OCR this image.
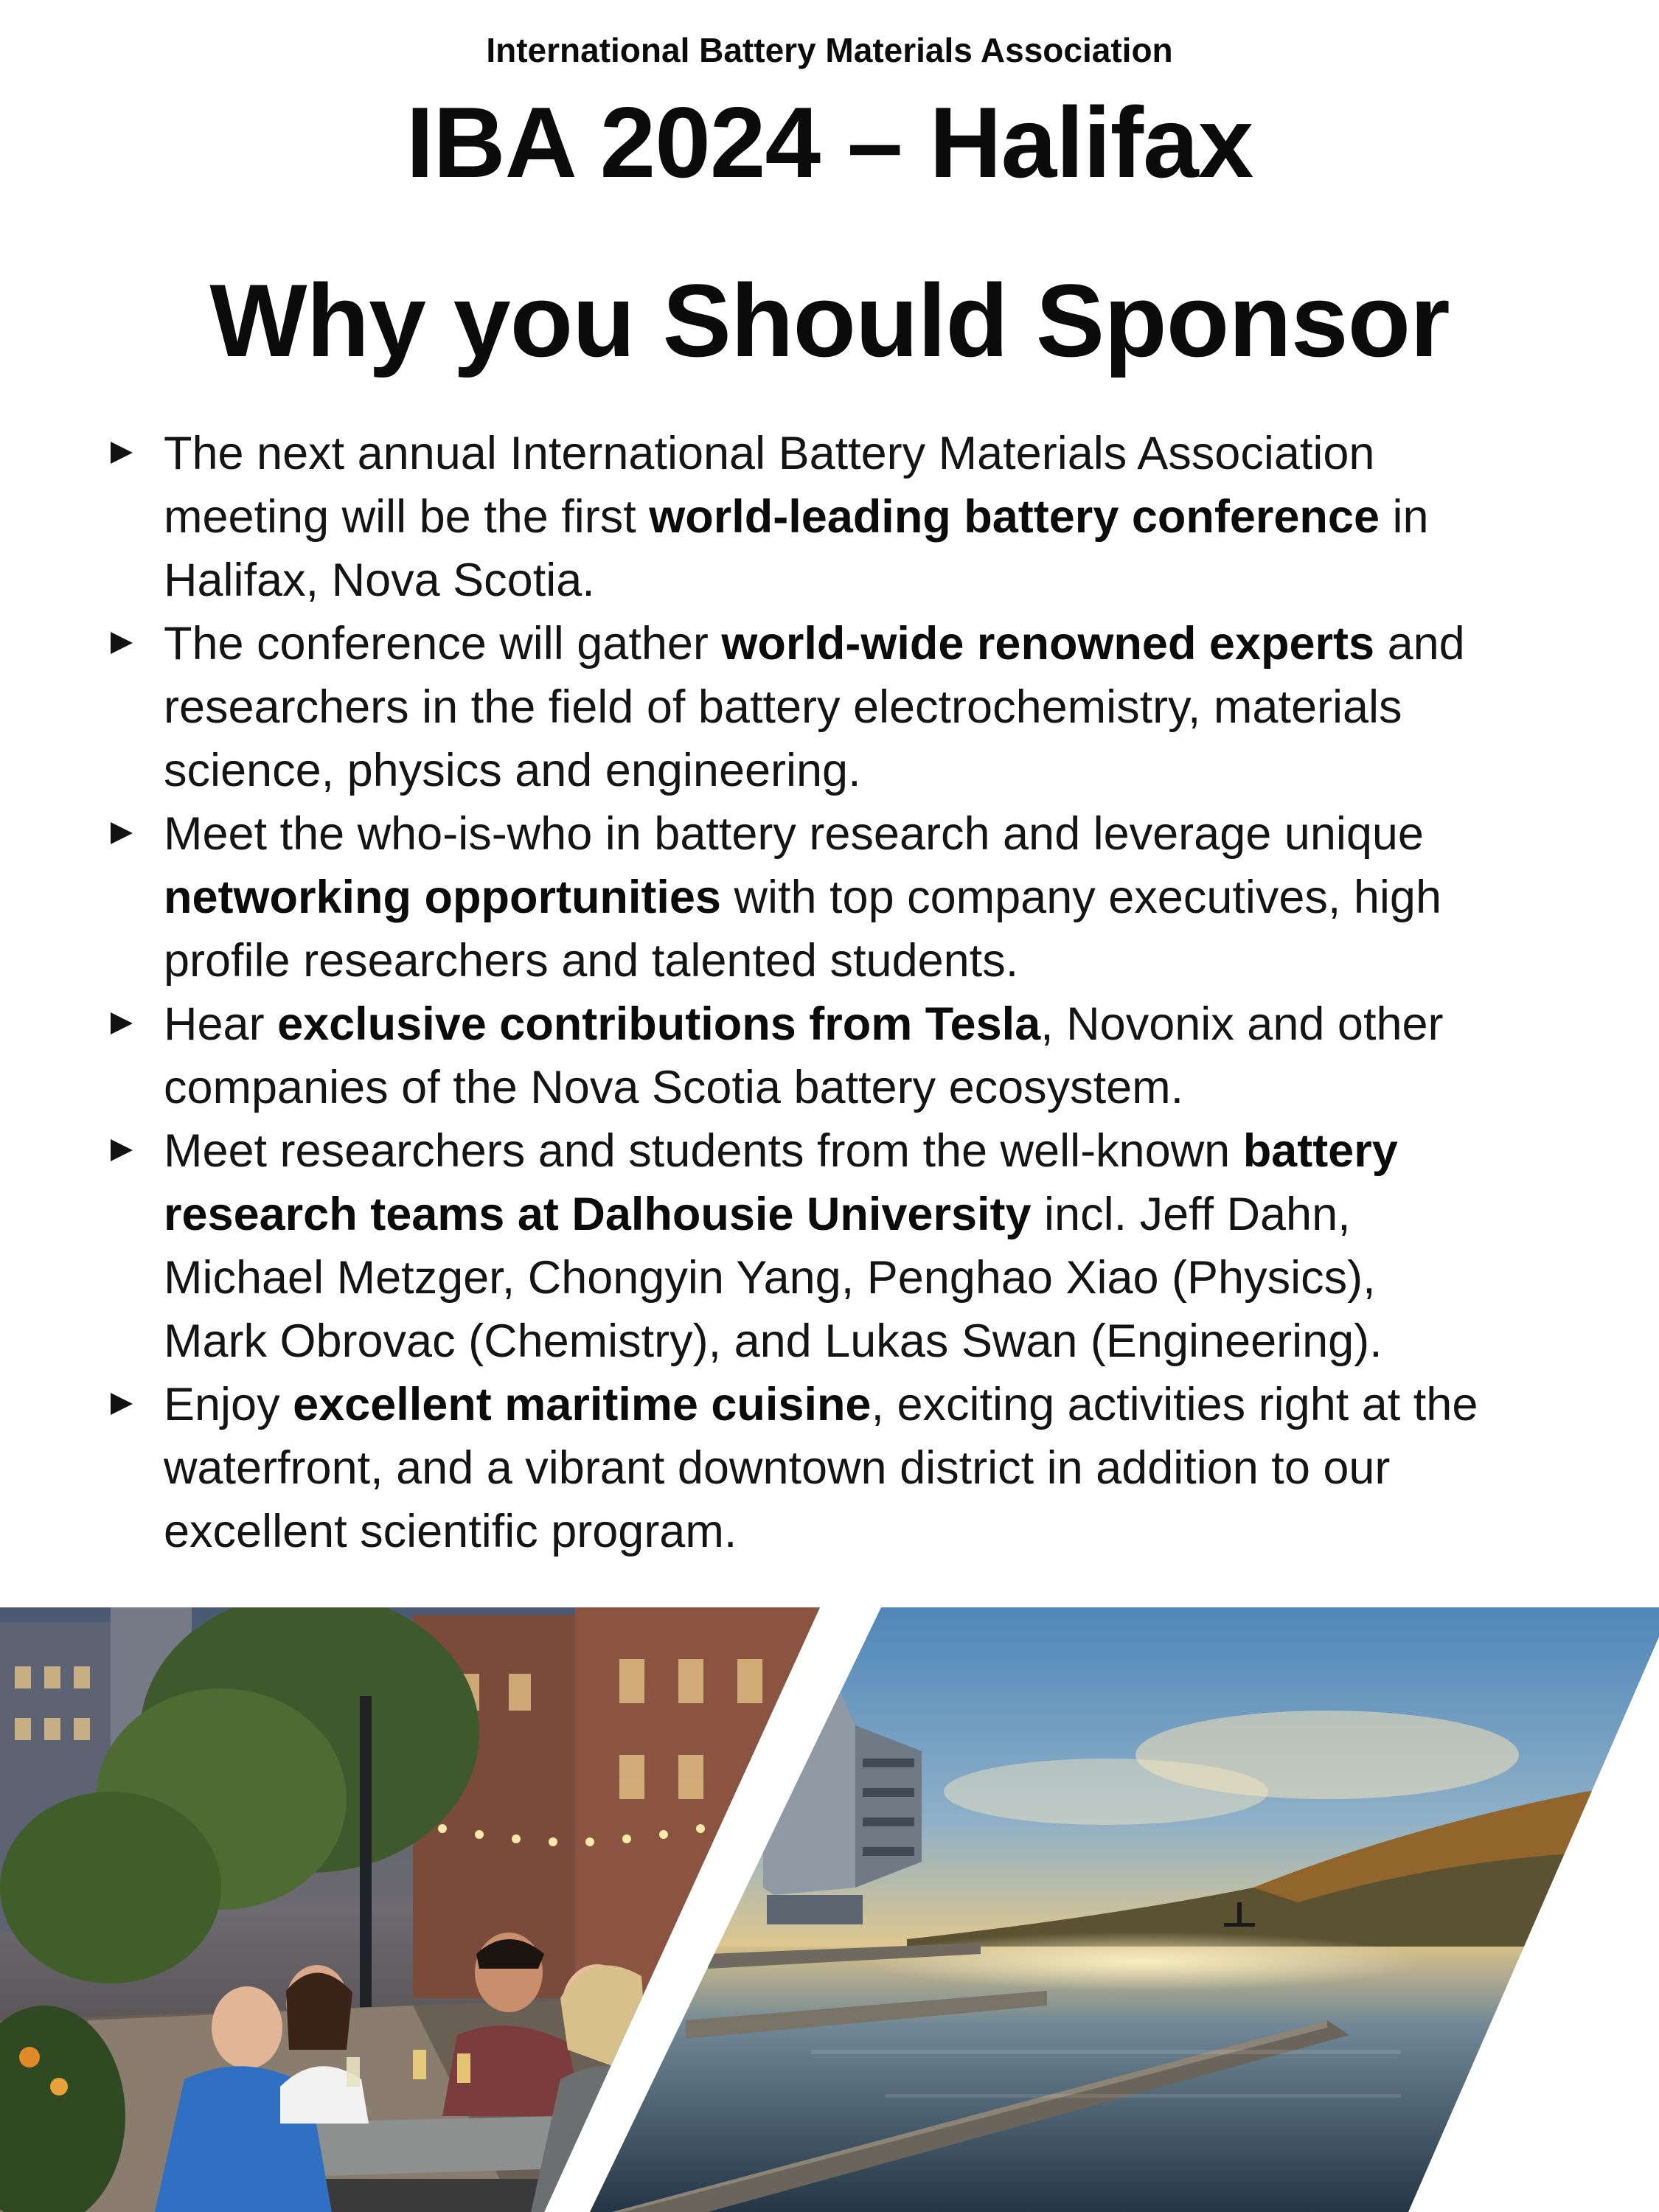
International Battery Materials Association
IBA 2024 – Halifax
Why you Should Sponsor
The next annual International Battery Materials Association
meeting will be the first world-leading battery conference in
Halifax, Nova Scotia.
The conference will gather world-wide renowned experts and
researchers in the field of battery electrochemistry, materials
science, physics and engineering.
Meet the who-is-who in battery research and leverage unique
networking opportunities with top company executives, high
profile researchers and talented students.
Hear exclusive contributions from Tesla, Novonix and other
companies of the Nova Scotia battery ecosystem.
Meet researchers and students from the well-known battery
research teams at Dalhousie University incl. Jeff Dahn,
Michael Metzger, Chongyin Yang, Penghao Xiao (Physics),
Mark Obrovac (Chemistry), and Lukas Swan (Engineering).
Enjoy excellent maritime cuisine, exciting activities right at the
waterfront, and a vibrant downtown district in addition to our
excellent scientific program.
